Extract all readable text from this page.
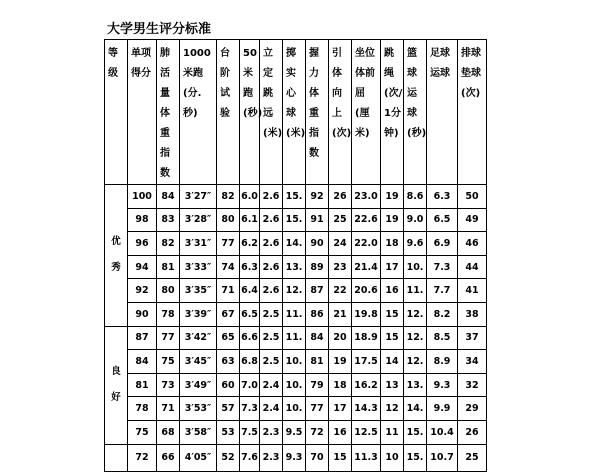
大学男生评分标准
等级	单项得分	肺活量体重指数	1000米跑(分.秒)	台阶试验	50米跑(秒)	立定跳远(米)	掷实心球(米)	握力体重指数	引体向上(次)	坐位体前屈(厘米)	跳绳(次/1分钟)	篮球运球(秒)	足球运球	排球垫球(次)

优秀	100	84	3′27″	82	6.0	2.6	15.	92	26	23.0	19	8.6	6.3	50
	98	83	3′28″	80	6.1	2.6	15.	91	25	22.6	19	9.0	6.5	49
	96	82	3′31″	77	6.2	2.6	14.	90	24	22.0	18	9.6	6.9	46
	94	81	3′33″	74	6.3	2.6	13.	89	23	21.4	17	10.	7.3	44
	92	80	3′35″	71	6.4	2.6	12.	87	22	20.6	16	11.	7.7	41
	90	78	3′39″	67	6.5	2.5	11.	86	21	19.8	15	12.	8.2	38
良好	87	77	3′42″	65	6.6	2.5	11.	84	20	18.9	15	12.	8.5	37
	84	75	3′45″	63	6.8	2.5	10.	81	19	17.5	14	12.	8.9	34
	81	73	3′49″	60	7.0	2.4	10.	79	18	16.2	13	13.	9.3	32
	78	71	3′53″	57	7.3	2.4	10.	77	17	14.3	12	14.	9.9	29
	75	68	3′58″	53	7.5	2.3	9.5	72	16	12.5	11	15.	10.4	26
	72	66	4′05″	52	7.6	2.3	9.3	70	15	11.3	10	15.	10.7	25
